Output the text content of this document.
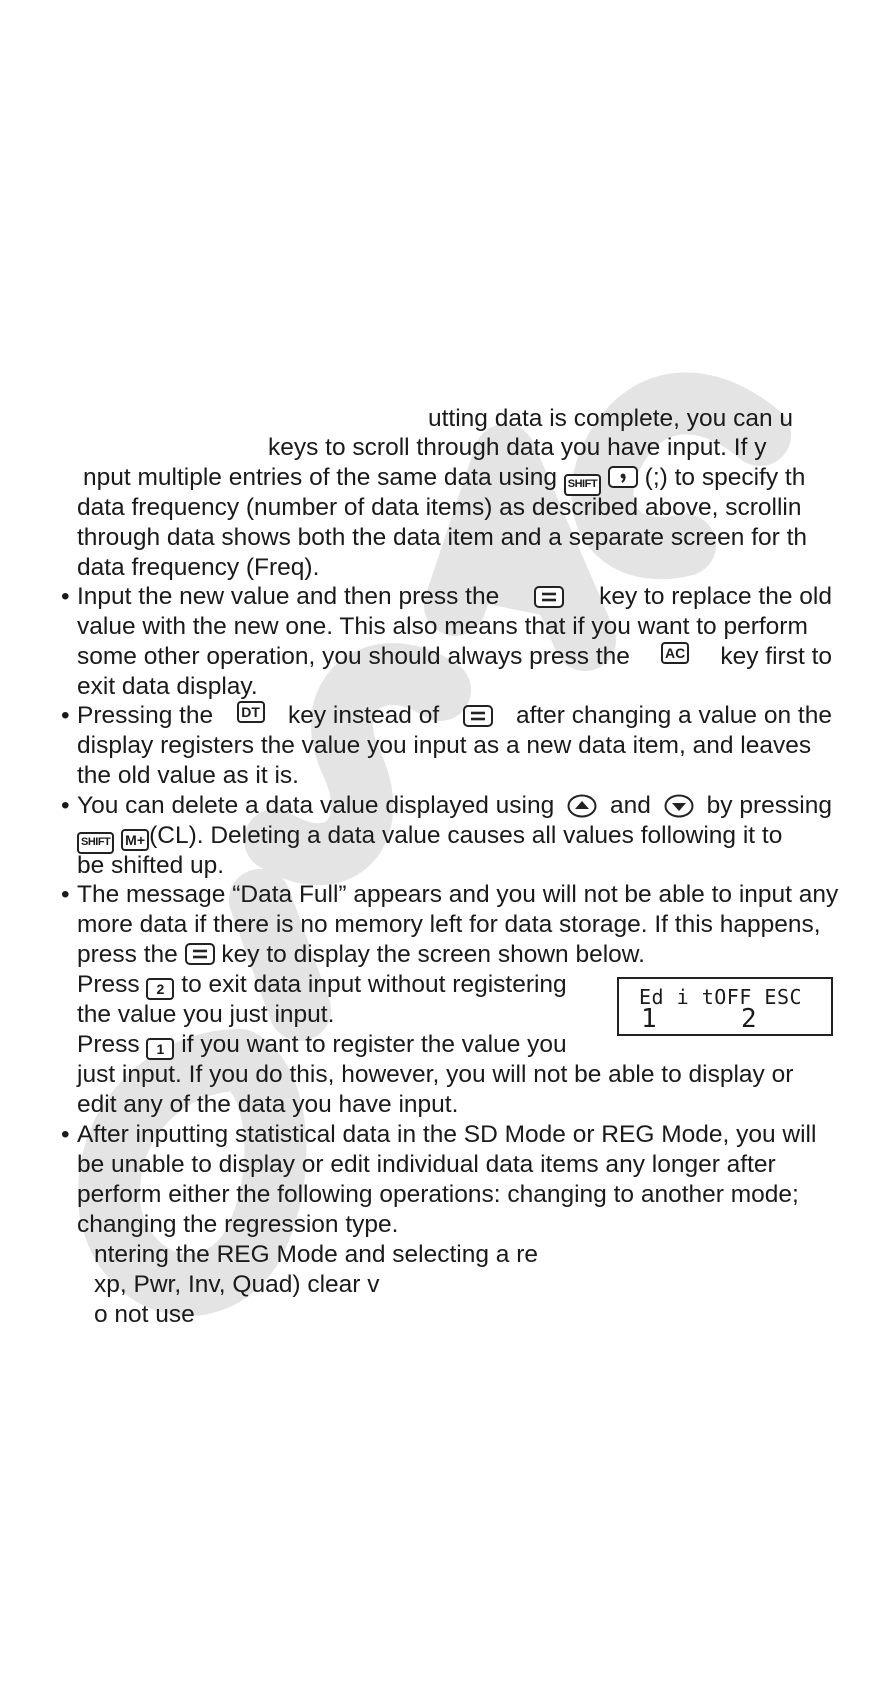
utting data is complete, you can u
keys to scroll through data you have input. If y
nput multiple entries of the same data using SHIFT (;) to specify th
data frequency (number of data items) as described above, scrollin
through data shows both the data item and a separate screen for th
data frequency (Freq).
• Input the new value and then press the	key to replace the old
value with the new one. This also means that if you want to perform
some other operation, you should always press the	AC key first to
exit data display.
• Pressing the	DT key instead of	after changing a value on the
display registers the value you input as a new data item, and leaves
the old value as it is.
• You can delete a data value displayed using and by pressing
SHIFT M+ (CL). Deleting a data value causes all values following it to
be shifted up.
• The message “Data Full” appears and you will not be able to input any
more data if there is no memory left for data storage. If this happens,
press the key to display the screen shown below.
Press 2 to exit data input without registering
the value you just input.
Press 1 if you want to register the value you
just input. If you do this, however, you will not be able to display or
edit any of the data you have input.
Ed i tOFF ESC
1	2
• After inputting statistical data in the SD Mode or REG Mode, you will
be unable to display or edit individual data items any longer after
perform either the following operations: changing to another mode;
changing the regression type.
ntering the REG Mode and selecting a re
xp, Pwr, Inv, Quad) clear v
o not use
